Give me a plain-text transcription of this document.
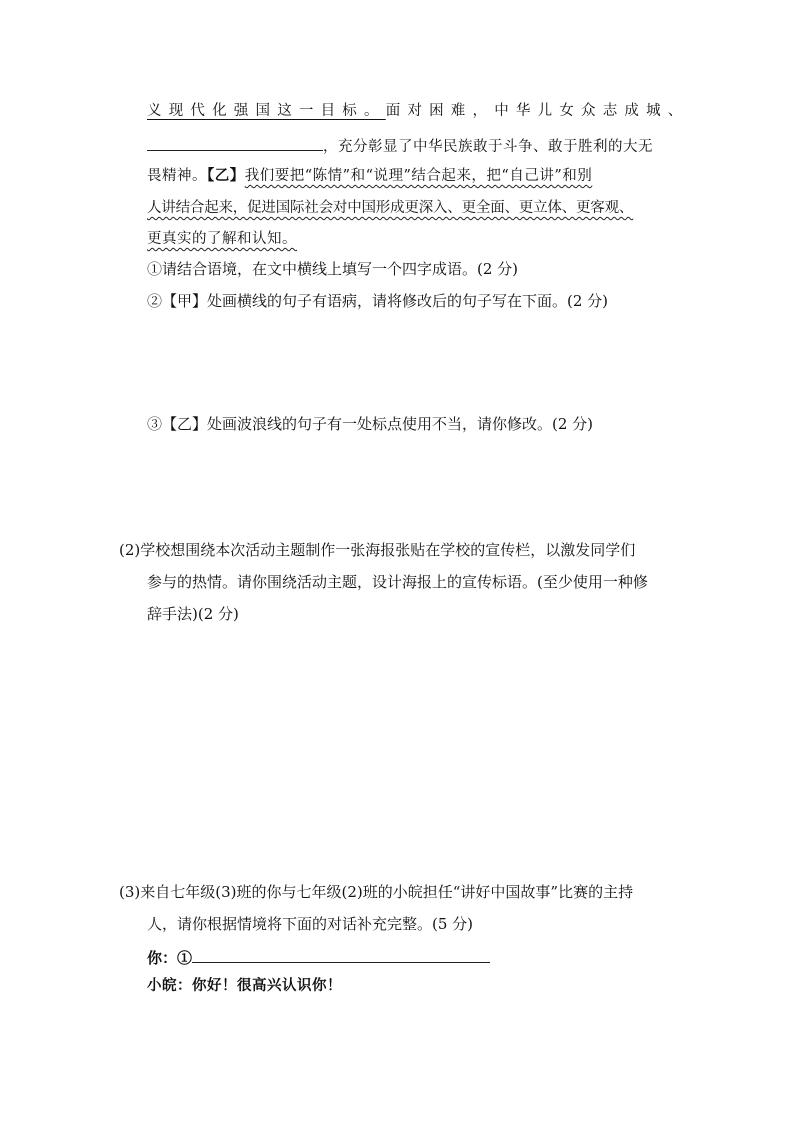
义现代化强国这一目标。面对困难，中华儿女众志成城、
，充分彰显了中华民族敢于斗争、敢于胜利的大无
畏精神。【乙】我们要把“陈情”和“说理”结合起来，把“自己讲”和别
人讲结合起来，促进国际社会对中国形成更深入、更全面、更立体、更客观、
更真实的了解和认知。
①请结合语境，在文中横线上填写一个四字成语。(2 分)
②【甲】处画横线的句子有语病，请将修改后的句子写在下面。(2 分)
③【乙】处画波浪线的句子有一处标点使用不当，请你修改。(2 分)
(2)学校想围绕本次活动主题制作一张海报张贴在学校的宣传栏，以激发同学们
参与的热情。请你围绕活动主题，设计海报上的宣传标语。(至少使用一种修
辞手法)(2 分)
(3)来自七年级(3)班的你与七年级(2)班的小皖担任“讲好中国故事”比赛的主持
人，请你根据情境将下面的对话补充完整。(5 分)
你：①
小皖：你好！很高兴认识你！
